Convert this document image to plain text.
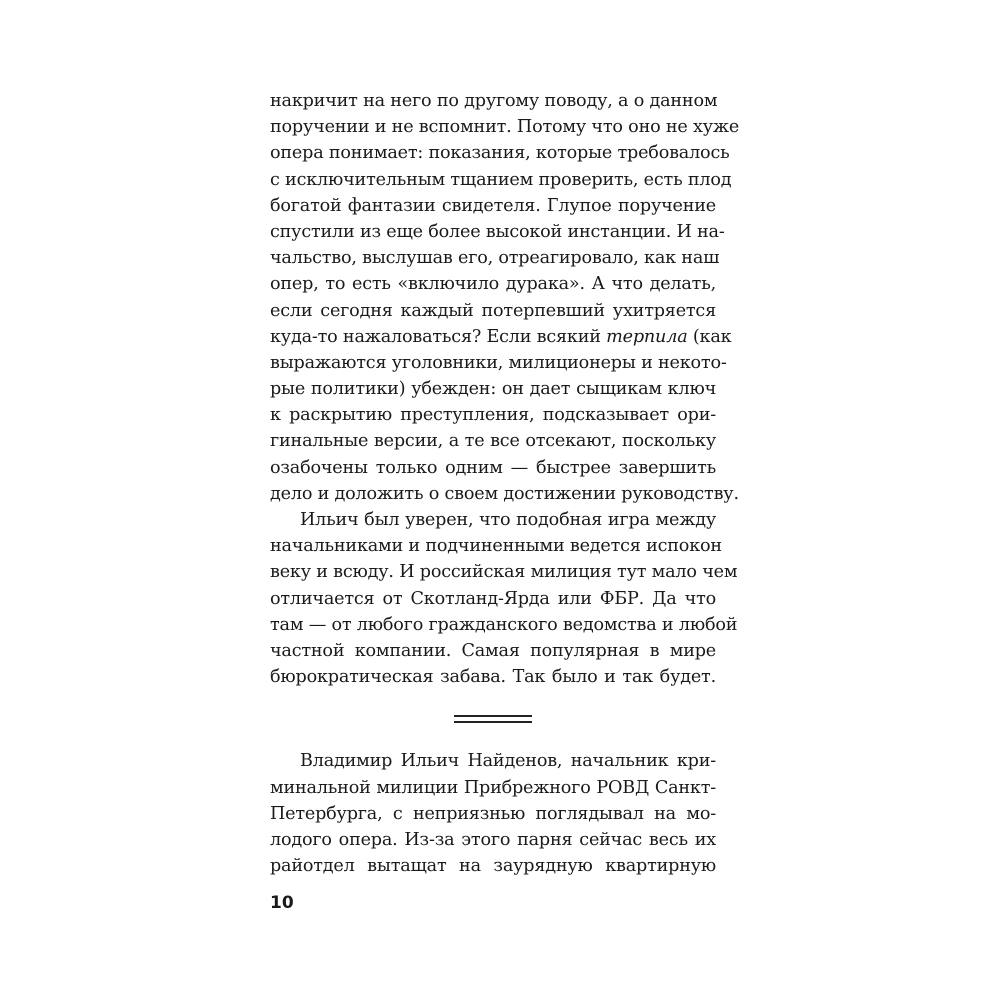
накричит на него по другому поводу, а о данном
поручении и не вспомнит. Потому что оно не хуже
опера понимает: показания, которые требовалось
с исключительным тщанием проверить, есть плод
богатой фантазии свидетеля. Глупое поручение
спустили из еще более высокой инстанции. И на-
чальство, выслушав его, отреагировало, как наш
опер, то есть «включило дурака». А что делать,
если сегодня каждый потерпевший ухитряется
куда-то нажаловаться? Если всякий терпила (как
выражаются уголовники, милиционеры и некото-
рые политики) убежден: он дает сыщикам ключ
к раскрытию преступления, подсказывает ори-
гинальные версии, а те все отсекают, поскольку
озабочены только одним — быстрее завершить
дело и доложить о своем достижении руководству.
Ильич был уверен, что подобная игра между
начальниками и подчиненными ведется испокон
веку и всюду. И российская милиция тут мало чем
отличается от Скотланд-Ярда или ФБР. Да что
там — от любого гражданского ведомства и любой
частной компании. Самая популярная в мире
бюрократическая забава. Так было и так будет.
Владимир Ильич Найденов, начальник кри-
минальной милиции Прибрежного РОВД Санкт-
Петербурга, с неприязнью поглядывал на мо-
лодого опера. Из-за этого парня сейчас весь их
райотдел вытащат на заурядную квартирную
10
